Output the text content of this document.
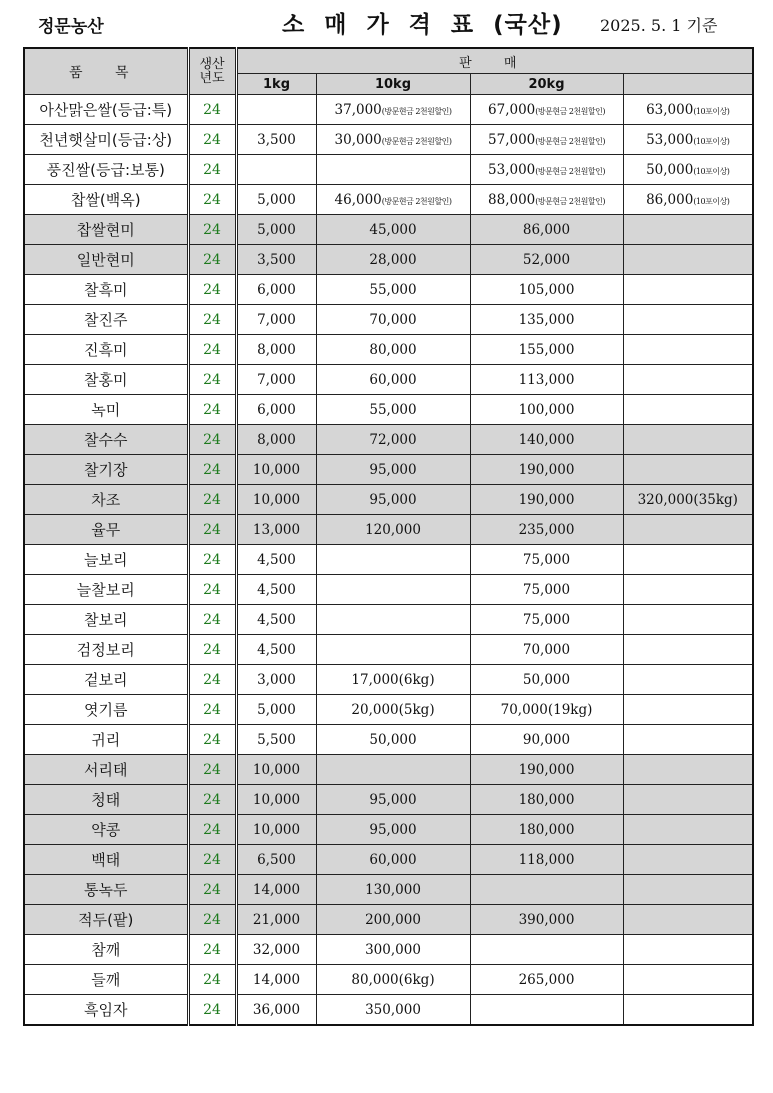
정문농산	소 매 가 격 표 (국산) 2025. 5. 1 기준
품 목	생산
년도	판 매			
		1kg	10kg	20kg	
아산맑은쌀(등급:특)	24		37,000(방문현금 2천원할인)	67,000(방문현금 2천원할인)	63,000(10포이상)
천년햇살미(등급:상)	24	3,500	30,000(방문현금 2천원할인)	57,000(방문현금 2천원할인)	53,000(10포이상)
풍진쌀(등급:보통)	24			53,000(방문현금 2천원할인)	50,000(10포이상)
찹쌀(백옥)	24	5,000	46,000(방문현금 2천원할인)	88,000(방문현금 2천원할인)	86,000(10포이상)
찹쌀현미	24	5,000	45,000	86,000	
일반현미	24	3,500	28,000	52,000	
찰흑미	24	6,000	55,000	105,000	
찰진주	24	7,000	70,000	135,000	
진흑미	24	8,000	80,000	155,000	
찰홍미	24	7,000	60,000	113,000	
녹미	24	6,000	55,000	100,000	
찰수수	24	8,000	72,000	140,000	
찰기장	24	10,000	95,000	190,000	
차조	24	10,000	95,000	190,000	320,000(35kg)
율무	24	13,000	120,000	235,000	
늘보리	24	4,500		75,000	
늘찰보리	24	4,500		75,000	
찰보리	24	4,500		75,000	
검정보리	24	4,500		70,000	
겉보리	24	3,000	17,000(6kg)	50,000	
엿기름	24	5,000	20,000(5kg)	70,000(19kg)	
귀리	24	5,500	50,000	90,000	
서리태	24	10,000		190,000	
청태	24	10,000	95,000	180,000	
약콩	24	10,000	95,000	180,000	
백태	24	6,500	60,000	118,000	
통녹두	24	14,000	130,000		
적두(팥)	24	21,000	200,000	390,000	
참깨	24	32,000	300,000		
들깨	24	14,000	80,000(6kg)	265,000	
흑임자	24	36,000	350,000		
